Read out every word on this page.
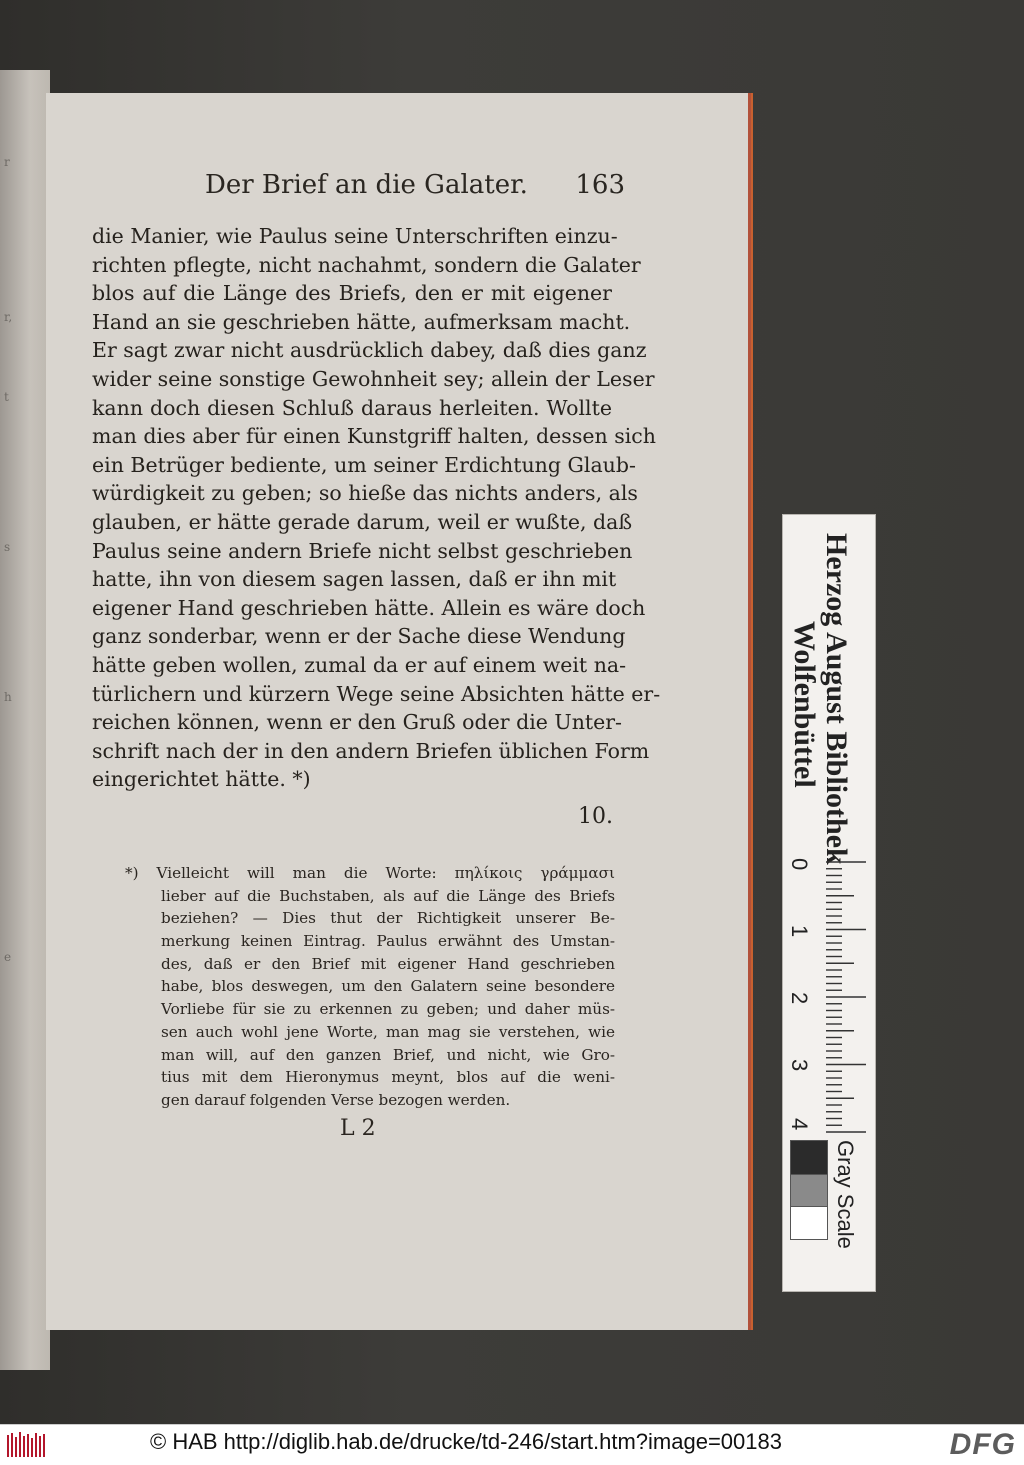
r
r,
t
s
h
e
Der Brief an die Galater. 163
die Manier, wie Paulus seine Unterschriften einzu-
richten pflegte, nicht nachahmt, sondern die Galater
blos auf die Länge des Briefs, den er mit eigener
Hand an sie geschrieben hätte, aufmerksam macht.
Er sagt zwar nicht ausdrücklich dabey, daß dies ganz
wider seine sonstige Gewohnheit sey; allein der Leser
kann doch diesen Schluß daraus herleiten. Wollte
man dies aber für einen Kunstgriff halten, dessen sich
ein Betrüger bediente, um seiner Erdichtung Glaub-
würdigkeit zu geben; so hieße das nichts anders, als
glauben, er hätte gerade darum, weil er wußte, daß
Paulus seine andern Briefe nicht selbst geschrieben
hatte, ihn von diesem sagen lassen, daß er ihn mit
eigener Hand geschrieben hätte. Allein es wäre doch
ganz sonderbar, wenn er der Sache diese Wendung
hätte geben wollen, zumal da er auf einem weit na-
türlichern und kürzern Wege seine Absichten hätte er-
reichen können, wenn er den Gruß oder die Unter-
schrift nach der in den andern Briefen üblichen Form
eingerichtet hätte. *)
10.
*) Vielleicht will man die Worte: πηλίκοις γράμμασι
lieber auf die Buchstaben, als auf die Länge des Briefs
beziehen? — Dies thut der Richtigkeit unserer Be-
merkung keinen Eintrag. Paulus erwähnt des Umstan-
des, daß er den Brief mit eigener Hand geschrieben
habe, blos deswegen, um den Galatern seine besondere
Vorliebe für sie zu erkennen zu geben; und daher müs-
sen auch wohl jene Worte, man mag sie verstehen, wie
man will, auf den ganzen Brief, und nicht, wie Gro-
tius mit dem Hieronymus meynt, blos auf die weni-
gen darauf folgenden Verse bezogen werden.
L 2
Herzog August Bibliothek
Wolfenbüttel
0
1
2
3
4
Gray Scale
© HAB http://diglib.hab.de/drucke/td-246/start.htm?image=00183	DFG
